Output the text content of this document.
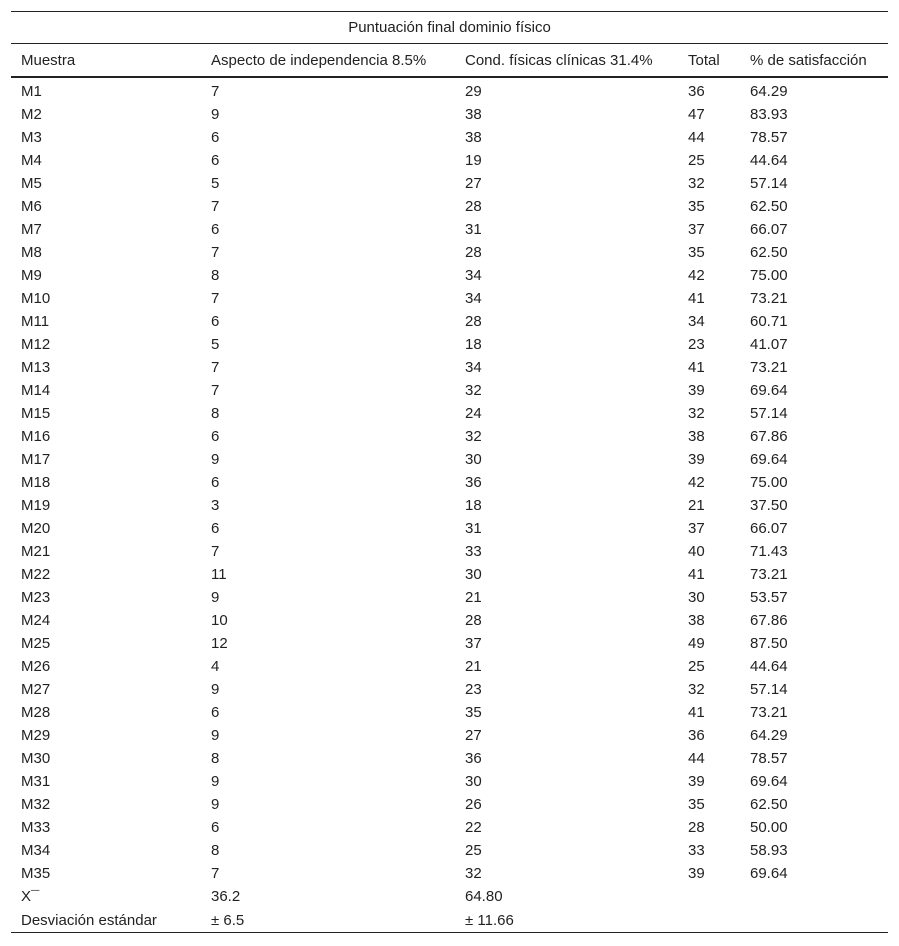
Puntuación final dominio físico				
Muestra	Aspecto de independencia 8.5%	Cond. físicas clínicas 31.4%	Total	% de satisfacción
M1	7	29	36	64.29
M2	9	38	47	83.93
M3	6	38	44	78.57
M4	6	19	25	44.64
M5	5	27	32	57.14
M6	7	28	35	62.50
M7	6	31	37	66.07
M8	7	28	35	62.50
M9	8	34	42	75.00
M10	7	34	41	73.21
M11	6	28	34	60.71
M12	5	18	23	41.07
M13	7	34	41	73.21
M14	7	32	39	69.64
M15	8	24	32	57.14
M16	6	32	38	67.86
M17	9	30	39	69.64
M18	6	36	42	75.00
M19	3	18	21	37.50
M20	6	31	37	66.07
M21	7	33	40	71.43
M22	11	30	41	73.21
M23	9	21	30	53.57
M24	10	28	38	67.86
M25	12	37	49	87.50
M26	4	21	25	44.64
M27	9	23	32	57.14
M28	6	35	41	73.21
M29	9	27	36	64.29
M30	8	36	44	78.57
M31	9	30	39	69.64
M32	9	26	35	62.50
M33	6	22	28	50.00
M34	8	25	33	58.93
M35	7	32	39	69.64
X¯	36.2	64.80		
Desviación estándar	± 6.5	± 11.66		
